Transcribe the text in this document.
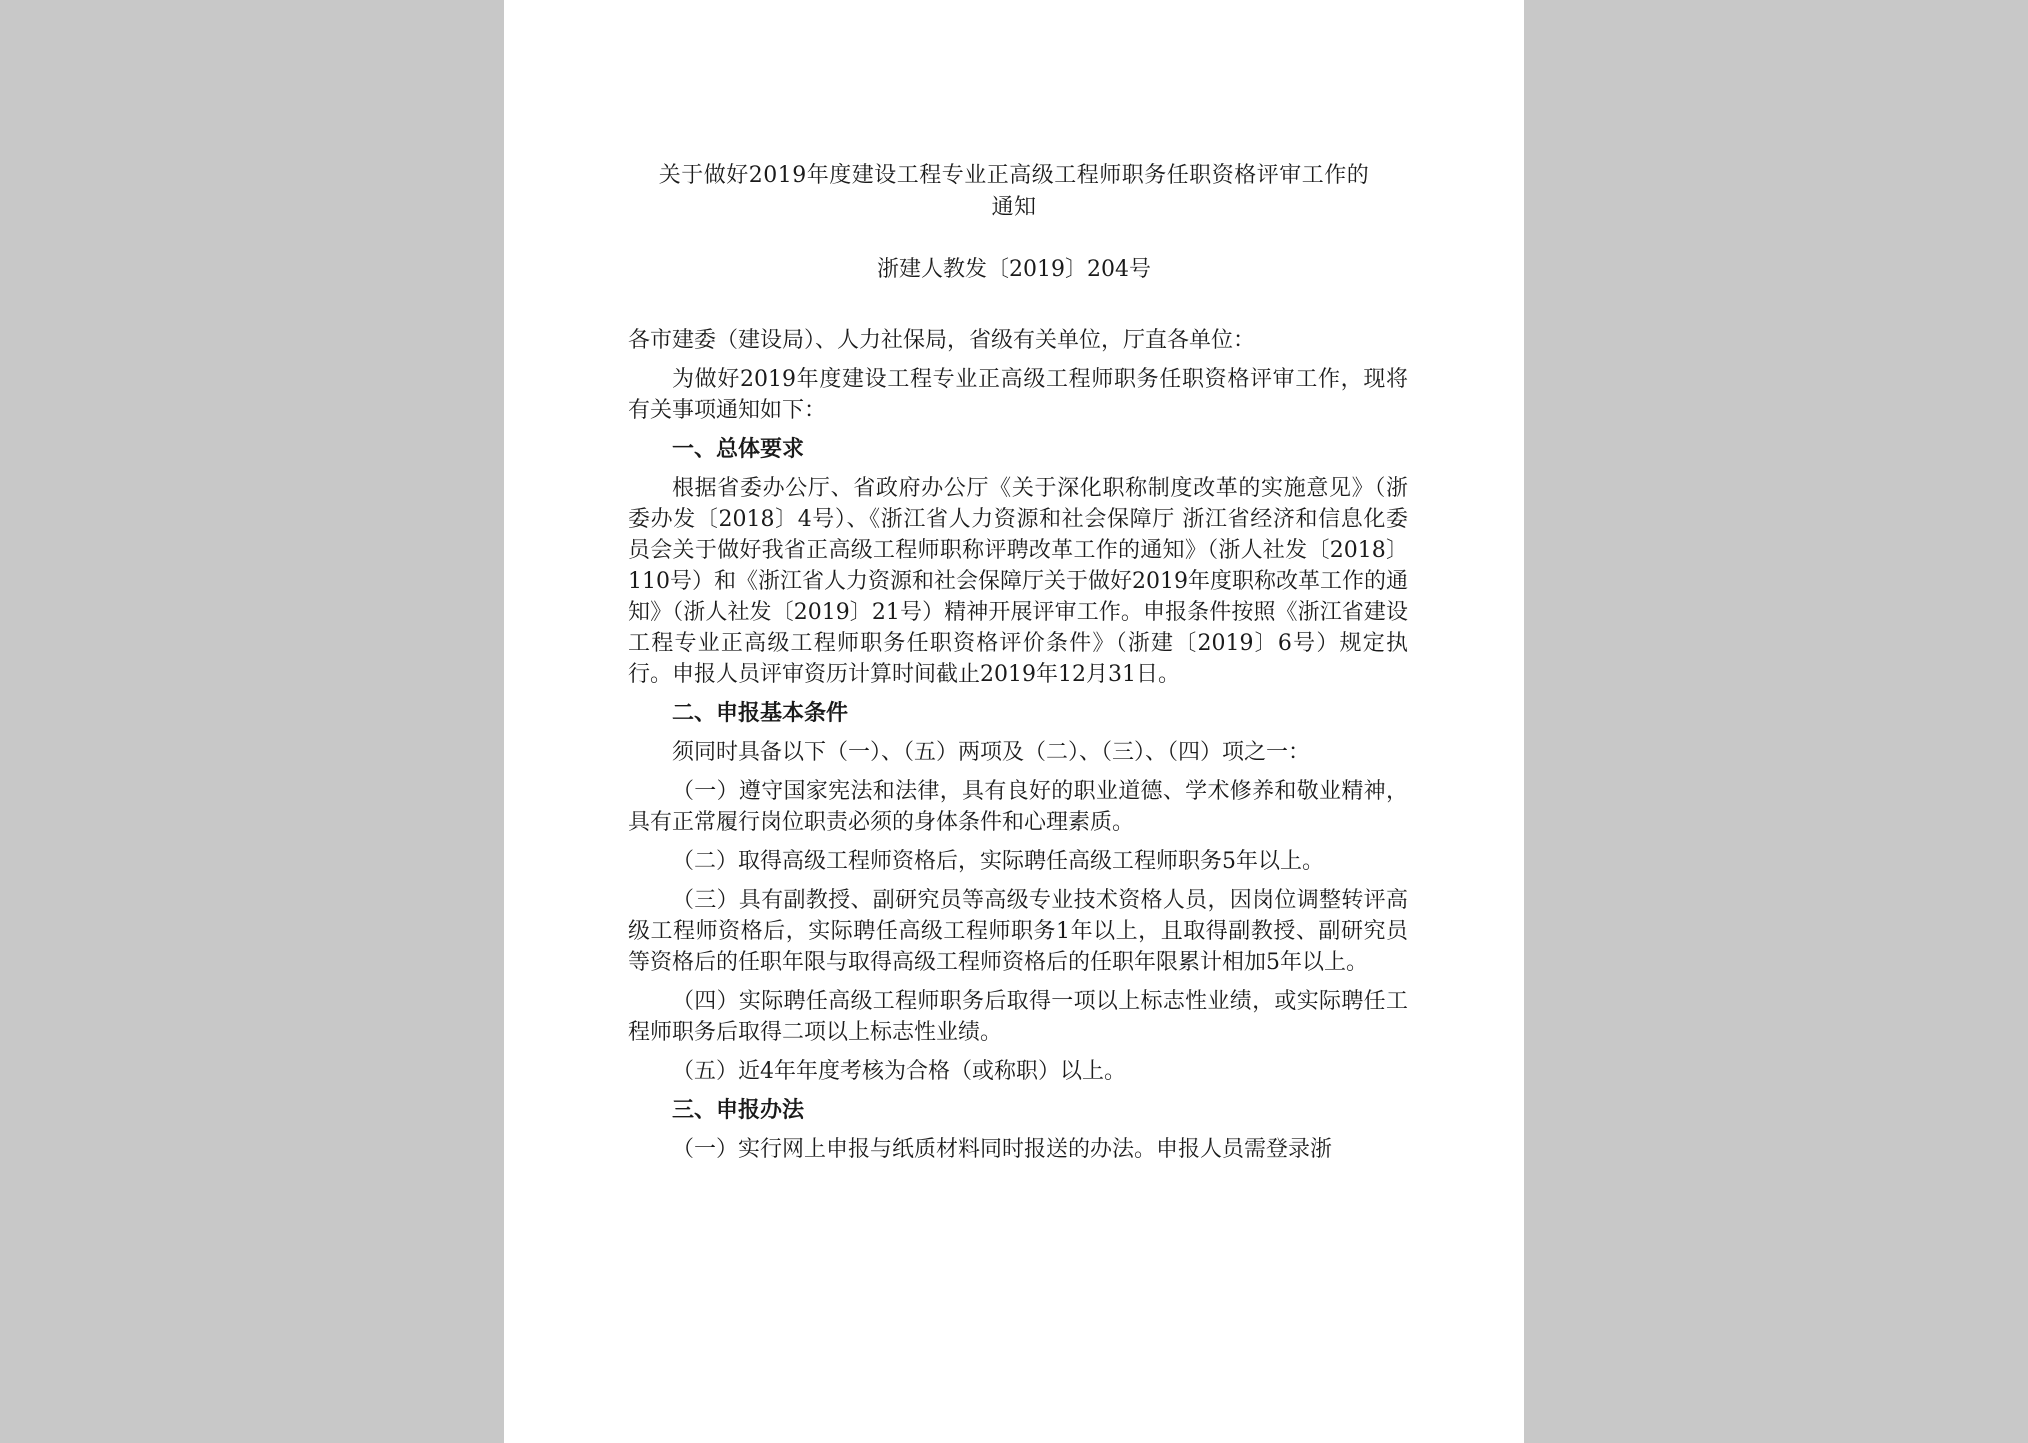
关于做好2019年度建设工程专业正高级工程师职务任职资格评审工作的
通知
浙建人教发〔2019〕204号

各市建委（建设局）、人力社保局，省级有关单位，厅直各单位：

为做好2019年度建设工程专业正高级工程师职务任职资格评审工作，现将有关事项通知如下：

一、总体要求

根据省委办公厅、省政府办公厅《关于深化职称制度改革的实施意见》（浙委办发〔2018〕4号）、《浙江省人力资源和社会保障厅 浙江省经济和信息化委员会关于做好我省正高级工程师职称评聘改革工作的通知》（浙人社发〔2018〕110号）和《浙江省人力资源和社会保障厅关于做好2019年度职称改革工作的通知》（浙人社发〔2019〕21号）精神开展评审工作。申报条件按照《浙江省建设工程专业正高级工程师职务任职资格评价条件》（浙建〔2019〕6号）规定执行。申报人员评审资历计算时间截止2019年12月31日。

二、申报基本条件

须同时具备以下（一）、（五）两项及（二）、（三）、（四）项之一：

（一）遵守国家宪法和法律，具有良好的职业道德、学术修养和敬业精神，具有正常履行岗位职责必须的身体条件和心理素质。

（二）取得高级工程师资格后，实际聘任高级工程师职务5年以上。

（三）具有副教授、副研究员等高级专业技术资格人员，因岗位调整转评高级工程师资格后，实际聘任高级工程师职务1年以上，且取得副教授、副研究员等资格后的任职年限与取得高级工程师资格后的任职年限累计相加5年以上。

（四）实际聘任高级工程师职务后取得一项以上标志性业绩，或实际聘任工程师职务后取得二项以上标志性业绩。

（五）近4年年度考核为合格（或称职）以上。

三、申报办法

（一）实行网上申报与纸质材料同时报送的办法。申报人员需登录浙
